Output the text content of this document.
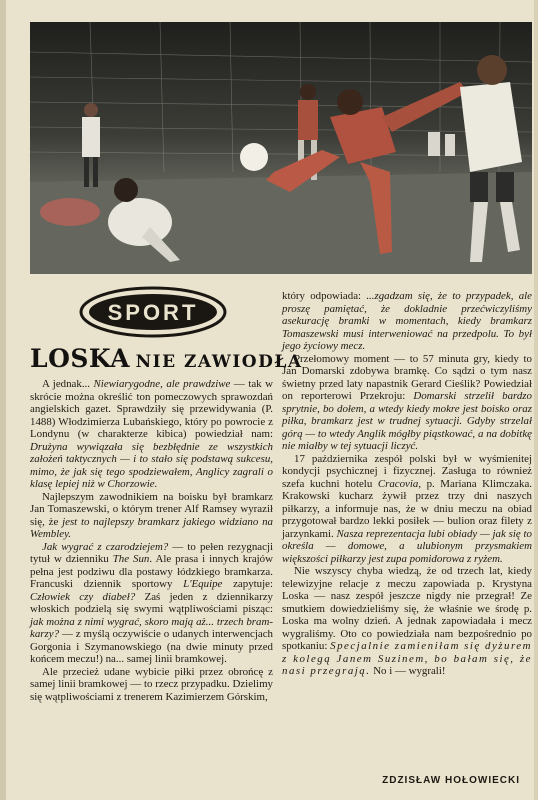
SPORT
LOSKA NIE ZAWIODŁA

A jednak... Niewiarygodne, ale prawdziwe — tak w skrócie można określić ton pomeczowych sprawozdań angielskich gazet. Sprawdziły się przewidywania (P. 1488) Włodzimierza Lubańskiego, który po powrocie z Londynu (w charakterze kibica) powiedział nam: Drużyna wywiązała się bezbłędnie ze wszystkich założeń taktycznych — i to stało się podstawą sukcesu, mimo, że jak się tego spodziewałem, Anglicy zagrali o klasę lepiej niż w Chorzowie.

Najlepszym zawodnikiem na boisku był bramkarz Jan Tomaszewski, o którym trener Alf Ramsey wyraził się, że jest to najlepszy bramkarz jakiego widziano na Wembley.

Jak wygrać z czarodziejem? — to pełen rezygnacji tytuł w dzienniku The Sun. Ale prasa i innych krajów pełna jest podziwu dla postawy łódzkiego bramkarza. Francuski dziennik sportowy L'Equipe zapytuje: Człowiek czy diabeł? Zaś jeden z dziennikarzy włoskich podzielą się swymi wątpliwościami pisząc: jak można z nimi wygrać, skoro mają aż... trzech bramkarzy? — z myślą oczywiście o udanych interwencjach Gorgonia i Szymanowskiego (na dwie minuty przed końcem meczu!) na... samej linii bramkowej.

Ale przecież udane wybicie piłki przez obrońcę z samej linii bramkowej — to rzecz przypadku. Dzielimy się wątpliwościami z trenerem Kazimierzem Górskim,

który odpowiada: ...zgadzam się, że to przypadek, ale proszę pamiętać, że dokladnie przećwiczyliśmy asekurację bramki w momentach, kiedy bramkarz Tomaszewski musi interweniować na przedpolu. To był jego życiowy mecz.

Przełomowy moment — to 57 minuta gry, kiedy to Jan Domarski zdobywa bramkę. Co sądzi o tym nasz świetny przed laty napastnik Gerard Cieślik? Powiedział on reporterowi Przekroju: Domarski strzelił bardzo sprytnie, bo dołem, a wtedy kiedy mokre jest boisko oraz piłka, bramkarz jest w trudnej sytuacji. Gdyby strzelał górą — to wtedy Anglik mógłby piąstkować, a na dobitkę nie miałby w tej sytuacji liczyć.

17 października zespół polski był w wyśmienitej kondycji psychicznej i fizycznej. Zasługa to również szefa kuchni hotelu Cracovia, p. Mariana Klimczaka. Krakowski kucharz żywił przez trzy dni naszych piłkarzy, a informuje nas, że w dniu meczu na obiad przygotował bardzo lekki posiłek — bulion oraz filety z jarzynkami. Nasza reprezentacja lubi obiady — jak się to określa — domowe, a ulubionym przysmakiem większości piłkarzy jest zupa pomidorowa z ryżem.

Nie wszyscy chyba wiedzą, że od trzech lat, kiedy telewizyjne relacje z meczu zapowiada p. Krystyna Loska — nasz zespół jeszcze nigdy nie przegrał! Ze smutkiem dowiedzieliśmy się, że właśnie we środę p. Loska ma wolny dzień. A jednak zapowiadała i mecz wygraliśmy. Oto co powiedziała nam bezpośrednio po spotkaniu: Specjalnie zamieniłam się dyżurem z kolegą Janem Suzinem, bo bałam się, że nasi przegrają. No i — wygrali!

ZDZISŁAW HOŁOWIECKI
